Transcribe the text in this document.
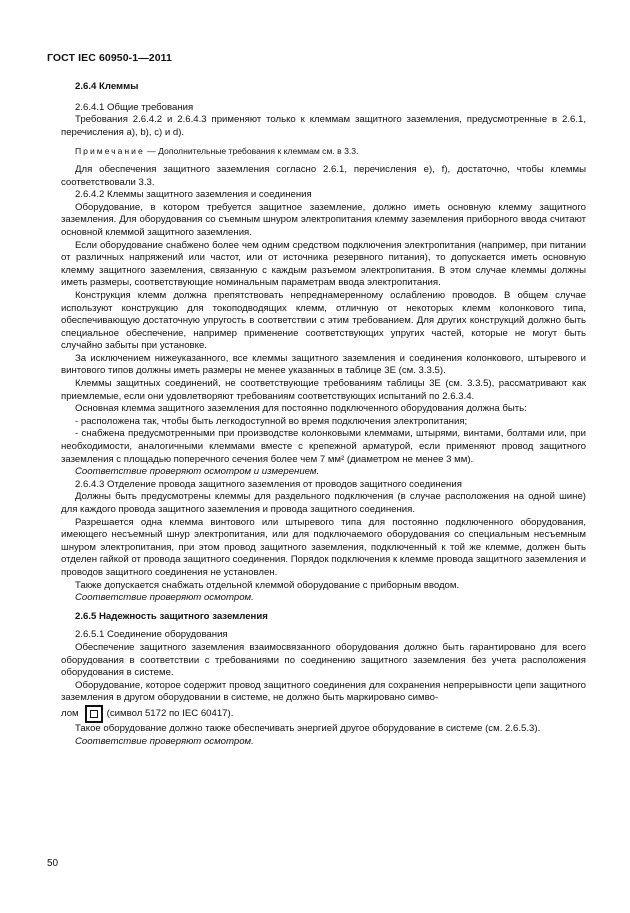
ГОСТ IEC 60950-1—2011

2.6.4 Клеммы

2.6.4.1 Общие требования

Требования 2.6.4.2 и 2.6.4.3 применяют только к клеммам защитного заземления, предусмотренные в 2.6.1, перечисления a), b), c) и d).

Примечание — Дополнительные требования к клеммам см. в 3.3.

Для обеспечения защитного заземления согласно 2.6.1, перечисления e), f), достаточно, чтобы клеммы соответствовали 3.3.

2.6.4.2 Клеммы защитного заземления и соединения

Оборудование, в котором требуется защитное заземление, должно иметь основную клемму защитного заземления. Для оборудования со съемным шнуром электропитания клемму заземления приборного ввода считают основной клеммой защитного заземления.

Если оборудование снабжено более чем одним средством подключения электропитания (например, при питании от различных напряжений или частот, или от источника резервного питания), то допускается иметь основную клемму защитного заземления, связанную с каждым разъемом электропитания. В этом случае клеммы должны иметь размеры, соответствующие номинальным параметрам ввода электропитания.

Конструкция клемм должна препятствовать непреднамеренному ослаблению проводов. В общем случае используют конструкцию для токоподводящих клемм, отличную от некоторых клемм колонкового типа, обеспечивающую достаточную упругость в соответствии с этим требованием. Для других конструкций должно быть специальное обеспечение, например применение соответствующих упругих частей, которые не могут быть случайно забыты при установке.

За исключением нижеуказанного, все клеммы защитного заземления и соединения колонкового, штыревого и винтового типов должны иметь размеры не менее указанных в таблице 3E (см. 3.3.5).

Клеммы защитных соединений, не соответствующие требованиям таблицы 3E (см. 3.3.5), рассматривают как приемлемые, если они удовлетворяют требованиям соответствующих испытаний по 2.6.3.4.

Основная клемма защитного заземления для постоянно подключенного оборудования должна быть:

- расположена так, чтобы быть легкодоступной во время подключения электропитания;

- снабжена предусмотренными при производстве колонковыми клеммами, штырями, винтами, болтами или, при необходимости, аналогичными клеммами вместе с крепежной арматурой, если применяют провод защитного заземления с площадью поперечного сечения более чем 7 мм² (диаметром не менее 3 мм).

Соответствие проверяют осмотром и измерением.

2.6.4.3 Отделение провода защитного заземления от проводов защитного соединения

Должны быть предусмотрены клеммы для раздельного подключения (в случае расположения на одной шине) для каждого провода защитного заземления и провода защитного соединения.

Разрешается одна клемма винтового или штыревого типа для постоянно подключенного оборудования, имеющего несъемный шнур электропитания, или для подключаемого оборудования со специальным несъемным шнуром электропитания, при этом провод защитного заземления, подключенный к той же клемме, должен быть отделен гайкой от провода защитного соединения. Порядок подключения к клемме провода защитного заземления и проводов защитного соединения не установлен.

Также допускается снабжать отдельной клеммой оборудование с приборным вводом.

Соответствие проверяют осмотром.

2.6.5 Надежность защитного заземления

2.6.5.1 Соединение оборудования

Обеспечение защитного заземления взаимосвязанного оборудования должно быть гарантировано для всего оборудования в соответствии с требованиями по соединению защитного заземления без учета расположения оборудования в системе.

Оборудование, которое содержит провод защитного соединения для сохранения непрерывности цепи защитного заземления в другом оборудовании в системе, не должно быть маркировано симво-

лом	(символ 5172 по IEC 60417).

Такое оборудование должно также обеспечивать энергией другое оборудование в системе (см. 2.6.5.3).

Соответствие проверяют осмотром.

50
